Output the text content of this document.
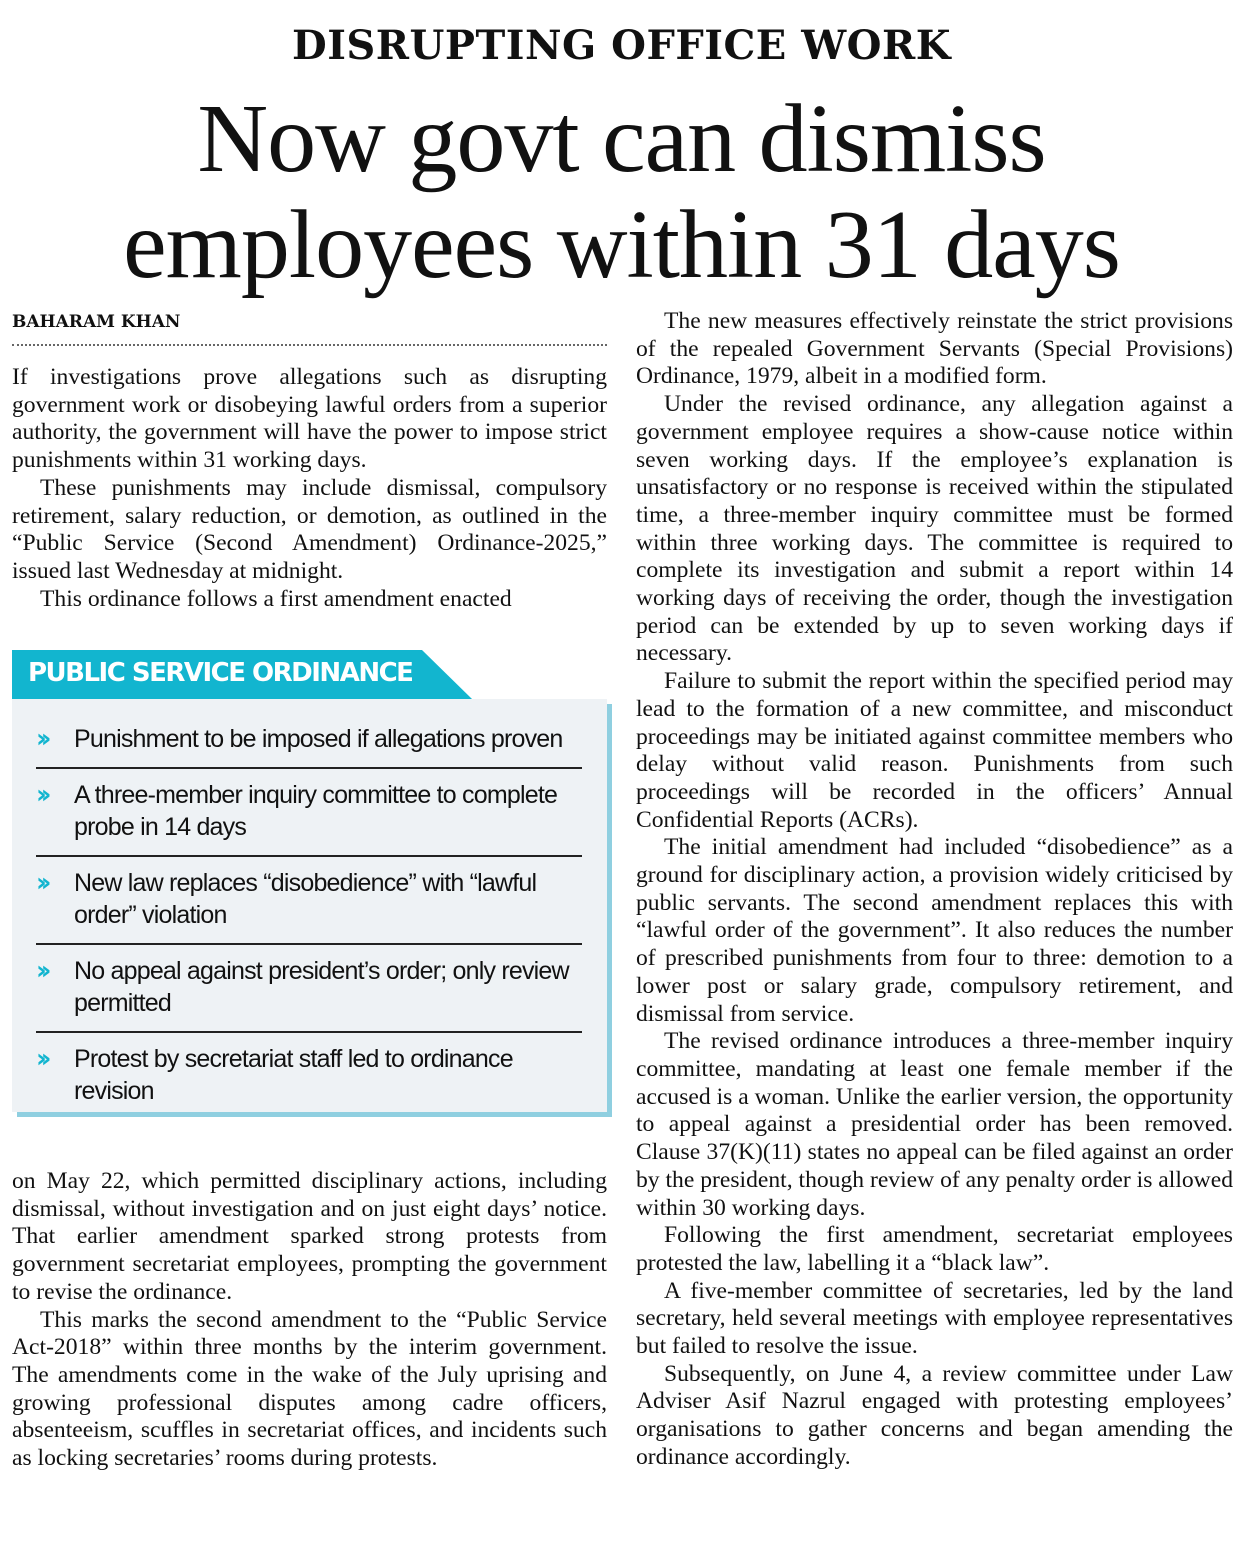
DISRUPTING OFFICE WORK
Now govt can dismiss
employees within 31 days

BAHARAM KHAN

If investigations prove allegations such as disrupting government work or disobeying lawful orders from a superior authority, the government will have the power to impose strict punishments within 31 working days.

These punishments may include dismissal, compulsory retirement, salary reduction, or demotion, as outlined in the “Public Service (Second Amendment) Ordinance-2025,” issued last Wednesday at midnight.

This ordinance follows a first amendment enacted

PUBLIC SERVICE ORDINANCE

›› Punishment to be imposed if allegations proven
›› A three-member inquiry committee to complete probe in 14 days
›› New law replaces “disobedience” with “lawful order” violation
›› No appeal against president’s order; only review permitted
›› Protest by secretariat staff led to ordinance revision

on May 22, which permitted disciplinary actions, including dismissal, without investigation and on just eight days’ notice. That earlier amendment sparked strong protests from government secretariat employees, prompting the government to revise the ordinance.

This marks the second amendment to the “Public Service Act-2018” within three months by the interim government. The amendments come in the wake of the July uprising and growing professional disputes among cadre officers, absenteeism, scuffles in secretariat offices, and incidents such as locking secretaries’ rooms during protests.

The new measures effectively reinstate the strict provisions of the repealed Government Servants (Special Provisions) Ordinance, 1979, albeit in a modified form.

Under the revised ordinance, any allegation against a government employee requires a show-cause notice within seven working days. If the employee’s explanation is unsatisfactory or no response is received within the stipulated time, a three-member inquiry committee must be formed within three working days. The committee is required to complete its investigation and submit a report within 14 working days of receiving the order, though the investigation period can be extended by up to seven working days if necessary.

Failure to submit the report within the specified period may lead to the formation of a new committee, and misconduct proceedings may be initiated against committee members who delay without valid reason. Punishments from such proceedings will be recorded in the officers’ Annual Confidential Reports (ACRs).

The initial amendment had included “disobedience” as a ground for disciplinary action, a provision widely criticised by public servants. The second amendment replaces this with “lawful order of the government”. It also reduces the number of prescribed punishments from four to three: demotion to a lower post or salary grade, compulsory retirement, and dismissal from service.

The revised ordinance introduces a three-member inquiry committee, mandating at least one female member if the accused is a woman. Unlike the earlier version, the opportunity to appeal against a presidential order has been removed. Clause 37(K)(11) states no appeal can be filed against an order by the president, though review of any penalty order is allowed within 30 working days.

Following the first amendment, secretariat employees protested the law, labelling it a “black law”.

A five-member committee of secretaries, led by the land secretary, held several meetings with employee representatives but failed to resolve the issue.

Subsequently, on June 4, a review committee under Law Adviser Asif Nazrul engaged with protesting employees’ organisations to gather concerns and began amending the ordinance accordingly.
